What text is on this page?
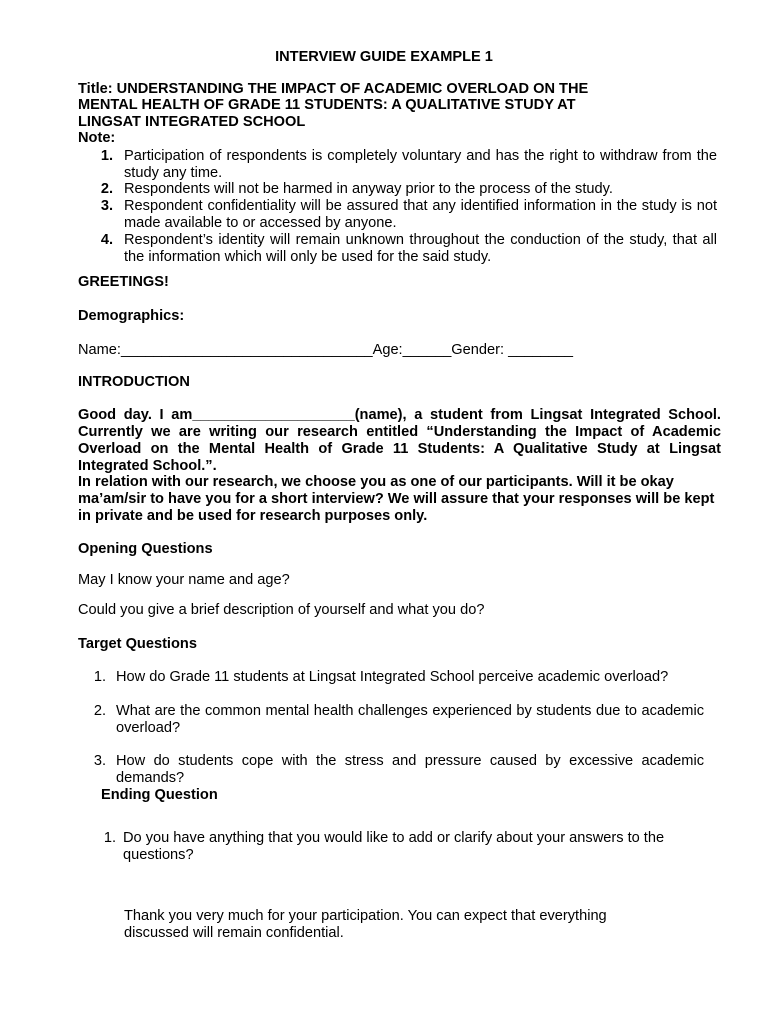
INTERVIEW GUIDE EXAMPLE 1
Title: UNDERSTANDING THE IMPACT OF ACADEMIC OVERLOAD ON THE
MENTAL HEALTH OF GRADE 11 STUDENTS: A QUALITATIVE STUDY AT
LINGSAT INTEGRATED SCHOOL
Note:
1. Participation of respondents is completely voluntary and has the right to withdraw from the study any time.
2. Respondents will not be harmed in anyway prior to the process of the study.
3. Respondent confidentiality will be assured that any identified information in the study is not made available to or accessed by anyone.
4. Respondent’s identity will remain unknown throughout the conduction of the study, that all the information which will only be used for the said study.
GREETINGS!
Demographics:
Name:_______________________________Age:______Gender: ________
INTRODUCTION
Good day. I am____________________(name), a student from Lingsat Integrated School. Currently we are writing our research entitled “Understanding the Impact of Academic Overload on the Mental Health of Grade 11 Students: A Qualitative Study at Lingsat Integrated School.”.
In relation with our research, we choose you as one of our participants. Will it be okay ma’am/sir to have you for a short interview? We will assure that your responses will be kept in private and be used for research purposes only.
Opening Questions
May I know your name and age?
Could you give a brief description of yourself and what you do?
Target Questions
1. How do Grade 11 students at Lingsat Integrated School perceive academic overload?
2. What are the common mental health challenges experienced by students due to academic overload?
3. How do students cope with the stress and pressure caused by excessive academic demands?
Ending Question
1. Do you have anything that you would like to add or clarify about your answers to the questions?
Thank you very much for your participation. You can expect that everything discussed will remain confidential.
